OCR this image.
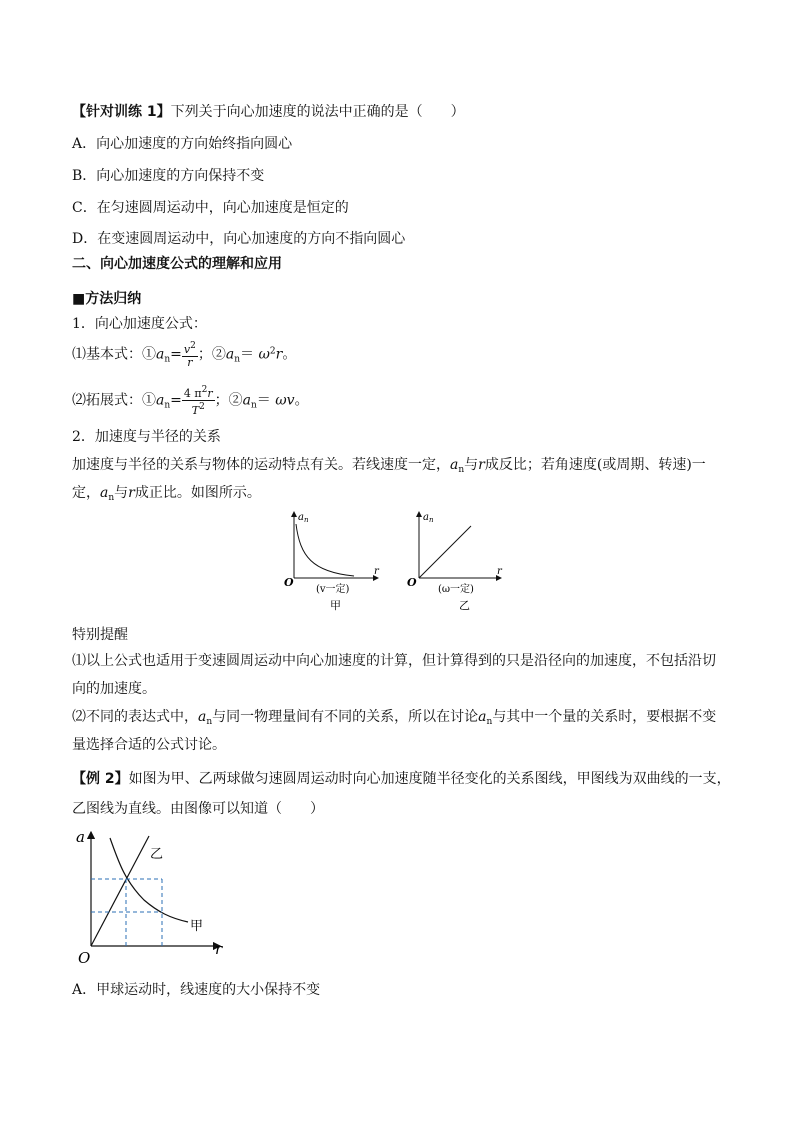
【针对训练 1】下列关于向心加速度的说法中正确的是（　　）
A．向心加速度的方向始终指向圆心
B．向心加速度的方向保持不变
C．在匀速圆周运动中，向心加速度是恒定的
D．在变速圆周运动中，向心加速度的方向不指向圆心
二、向心加速度公式的理解和应用
■方法归纳
1．向心加速度公式：
⑴基本式：$①a_n= \frac{v^2}{r}$ ；$②a_n= \omega^2r$。
⑵拓展式：$①a_n= \frac{4 \pi^2r}{T^2}$ ；$②a_n= \omega v$。
2．加速度与半径的关系
加速度与半径的关系与物体的运动特点有关。若线速度一定，$a_n$与r成反比；若角速度(或周期、转速)一
定，$a_n$与r成正比。如图所示。
$a_n$
r
O
(v一定)
甲
$a_n$
r
O
(ω一定)
乙
特别提醒
⑴以上公式也适用于变速圆周运动中向心加速度的计算，但计算得到的只是沿径向的加速度，不包括沿切
向的加速度。
⑵不同的表达式中，$a_n$与同一物理量间有不同的关系，所以在讨论$a_n$与其中一个量的关系时，要根据不变
量选择合适的公式讨论。
【例 2】如图为甲、乙两球做匀速圆周运动时向心加速度随半径变化的关系图线，甲图线为双曲线的一支，
乙图线为直线。由图像可以知道（　　）
a
r
O
乙
甲
A．甲球运动时，线速度的大小保持不变
